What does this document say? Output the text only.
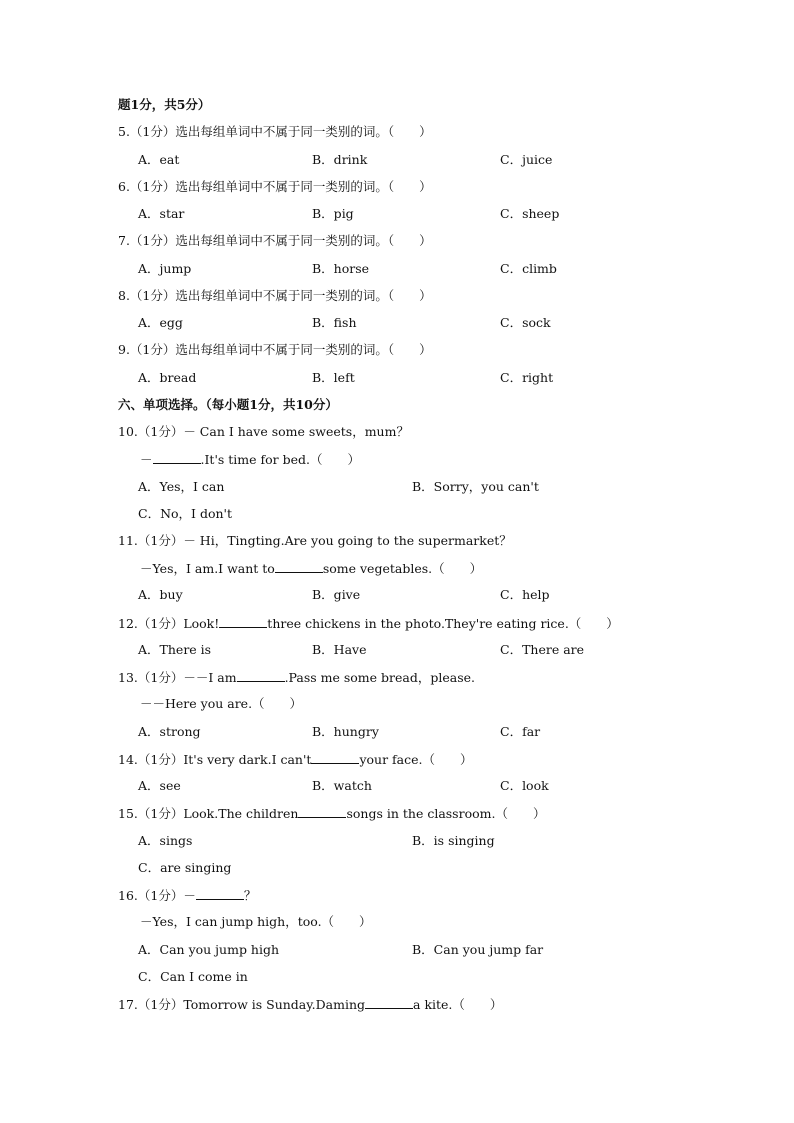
题1分，共5分）
5.（1分）选出每组单词中不属于同一类别的词。（　　）
A．eat	B．drink	C．juice
6.（1分）选出每组单词中不属于同一类别的词。（　　）
A．star	B．pig	C．sheep
7.（1分）选出每组单词中不属于同一类别的词。（　　）
A．jump	B．horse	C．climb
8.（1分）选出每组单词中不属于同一类别的词。（　　）
A．egg	B．fish	C．sock
9.（1分）选出每组单词中不属于同一类别的词。（　　）
A．bread	B．left	C．right
六、单项选择。（每小题1分，共10分）
10.（1分）－ Can I have some sweets，mum？
－	.It's time for bed.（　　）
A．Yes，I can	B．Sorry，you can't
C．No，I don't
11.（1分）－ Hi，Tingting.Are you going to the supermarket？
－Yes，I am.I want to	some vegetables.（　　）
A．buy	B．give	C．help
12.（1分）Look!	three chickens in the photo.They're eating rice.（　　）
A．There is	B．Have	C．There are
13.（1分）－－I am	.Pass me some bread，please.
－－Here you are.（　　）
A．strong	B．hungry	C．far
14.（1分）It's very dark.I can't	your face.（　　）
A．see	B．watch	C．look
15.（1分）Look.The children	songs in the classroom.（　　）
A．sings	B．is singing
C．are singing
16.（1分）－	？
－Yes，I can jump high，too.（　　）
A．Can you jump high	B．Can you jump far
C．Can I come in
17.（1分）Tomorrow is Sunday.Daming	a kite.（　　）
